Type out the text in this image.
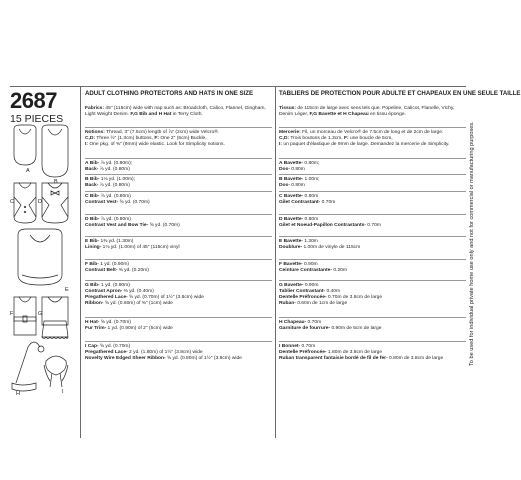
2687
15 PIECES
A
B
C	D
E
F	G
H	I
ADULT CLOTHING PROTECTORS AND HATS IN ONE SIZE	TABLIERS DE PROTECTION POUR ADULTE ET CHAPEAUX EN UNE SEULE TAILLE
Fabrics: 45" (115cm) wide with nap such as: Broadcloth, Calico, Flannel, Gingham,
Light Weight Denim. F,G Bib and H Hat in Terry Cloth.
Notions: Thread, 3" (7.5cm) length of ⅞" (2cm) wide Velcro®.
C,D: Three ½" (1.3cm) buttons, F: One 2" (5cm) Buckle,
I: One pkg. of ⅜" (9mm) wide elastic. Look for Simplicity notions.
A Bib- ⅞ yd. (0.80m);
Back- ⅞ yd. (0.80m)
B Bib- 1⅛ yd. (1.00m);
Back- ⅞ yd. (0.80m)
C Bib- ⅞ yd. (0.80m)
Contrast Vest- ⅝ yd. (0.70m)
D Bib- ⅞ yd. (0.80m)
Contrast Vest and Bow Tie- ⅝ yd. (0.70m)
E Bib- 1⅜ yd. (1.30m)
Lining- 1⅛ yd. (1.00m) of 45" (115cm) vinyl
F Bib- 1 yd. (0.90m)
Contrast Belt- ⅜ yd. (0.20m)
G Bib- 1 yd. (0.90m)
Contrast Apron- ⅜ yd. (0.40m)
Pregathered Lace- ⅝ yd. (0.70m) of 1½" (3.8cm) wide
Ribbon- ⅝ yd. (0.60m) of ⅜" (1cm) wide
H Hat- ⅝ yd. (0.70m)
Fur Trim- 1 yd. (0.90m) of 2" (5cm) wide
I Cap- ⅝ yd. (0.70m)
Pregathered Lace- 2 yd. (1.80m) of 1½" (3.8cm) wide
Novelty Wire Edged Sheer Ribbon- ⅝ yd. (0.80m) of 1½" (3.8cm) wide
Tissus: de 115cm de large avec sens tels que: Popeline, Calicot, Flanelle, Vichy,
Denim Léger, F,G Bavette et H Chapeau en tissu éponge.
Mercerie: Fil, un morceau de Velcro® de 7.5cm de long et de 2cm de large.
C,D: Trois boutons de 1.3cm, F: une boucle de 5cm,
I: un paquet d'élastique de 9mm de large. Demandez la mercerie de Simplicity.
A Bavette- 0.80m;
Dos- 0.80m
B Bavette- 1.00m;
Dos- 0.80m
C Bavette- 0.80m
Gilet Contrastant- 0.70m
D Bavette- 0.80m
Gilet et Noeud-Papillon Contrastants- 0.70m
E Bavette- 1.30m
Doublure- 1.00m de vinyle de 115cm
F Bavette- 0.90m
Ceinture Contrastante- 0.20m
G Bavette- 0.90m
Tablier Contrastant- 0.40m
Dentelle Préfroncée- 0.70m de 3.8cm de large
Ruban- 0.60m de 1cm de large
H Chapeau- 0.70m
Garniture de fourrure- 0.90m de 5cm de large
I Bonnet- 0.70m
Dentelle Préfroncée- 1.80m de 3.8cm de large
Ruban transparent fantaisie bordé de fil de fer- 0.80m de 3.8cm de large	To be used for individual private home use only and not for commercial or manufacturing purposes.
